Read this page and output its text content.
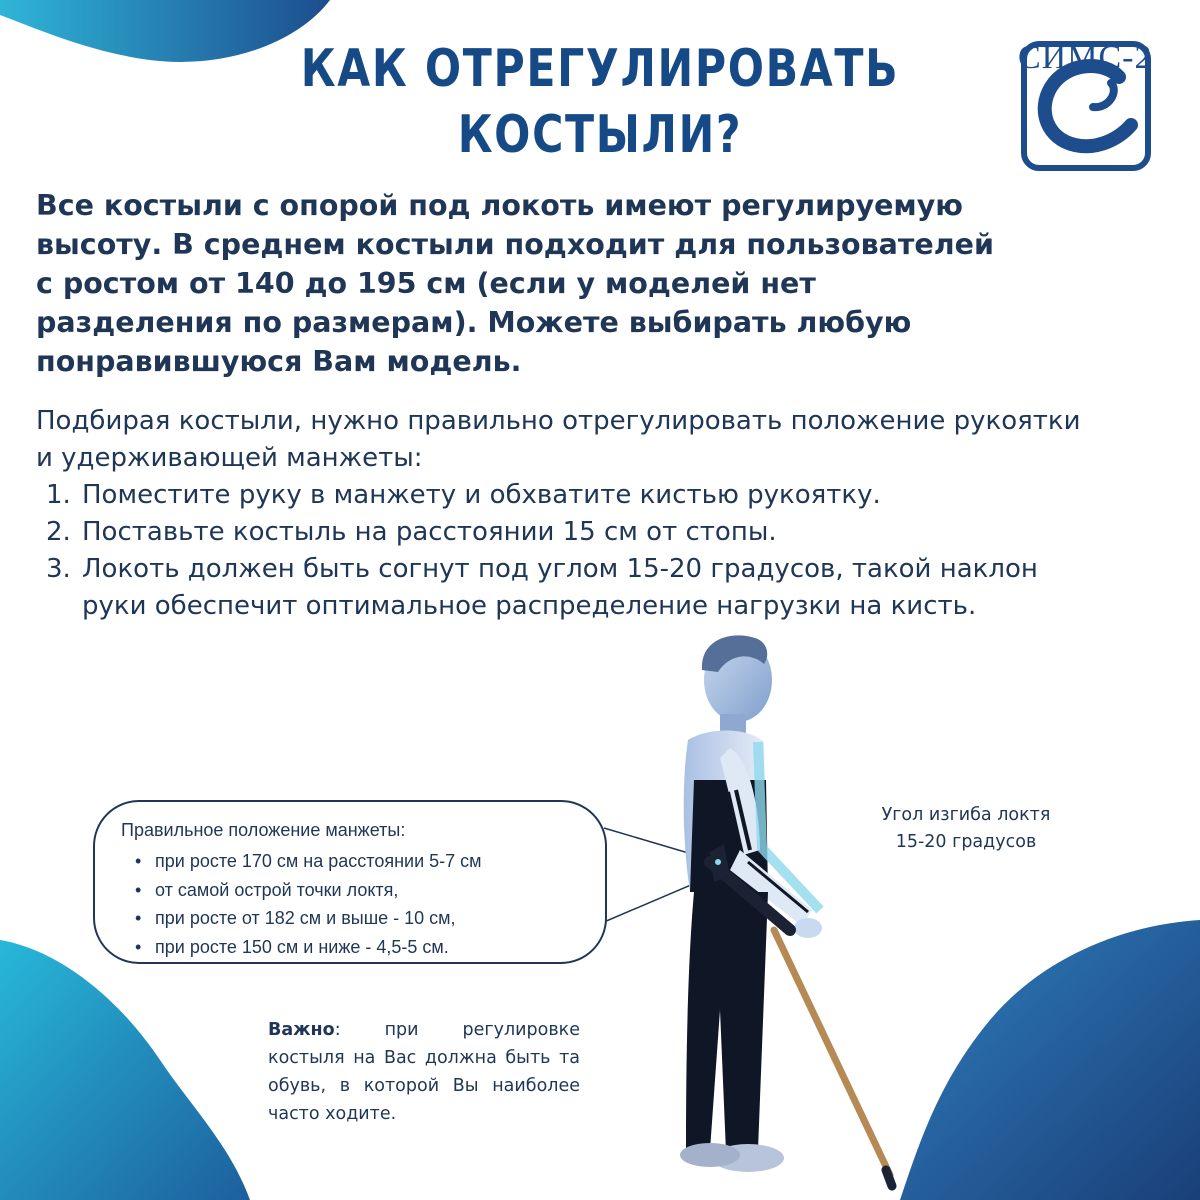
КАК ОТРЕГУЛИРОВАТЬ
КОСТЫЛИ?
СИМС-2
Все костыли с опорой под локоть имеют регулируемую
высоту. В среднем костыли подходит для пользователей
с ростом от 140 до 195 см (если у моделей нет
разделения по размерам). Можете выбирать любую
понравившуюся Вам модель.
Подбирая костыли, нужно правильно отрегулировать положение рукоятки
и удерживающей манжеты:
1. Поместите руку в манжету и обхватите кистью рукоятку.
2. Поставьте костыль на расстоянии 15 см от стопы.
3. Локоть должен быть согнут под углом 15-20 градусов, такой наклон
руки обеспечит оптимальное распределение нагрузки на кисть.
Правильное положение манжеты:
• при росте 170 см на расстоянии 5-7 см
• от самой острой точки локтя,
• при росте от 182 см и выше - 10 см,
• при росте 150 см и ниже - 4,5-5 см.
Угол изгиба локтя
15-20 градусов
Важно: при регулировке костыля на Вас должна быть та обувь, в которой Вы наиболее часто ходите.
